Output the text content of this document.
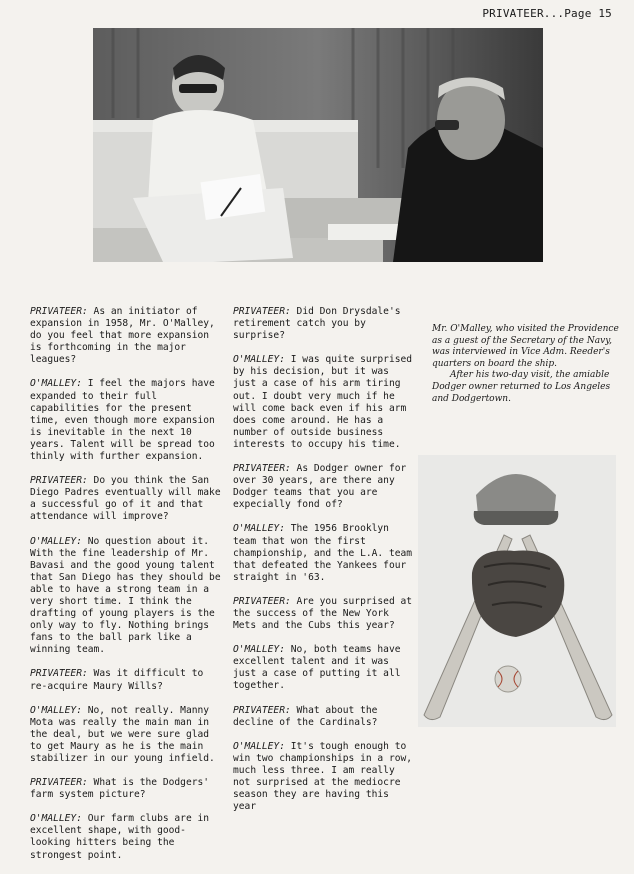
PRIVATEER...Page 15

PRIVATEER: As an initiator of expansion in 1958, Mr. O'Malley, do you feel that more expansion is forthcoming in the major leagues?

O'MALLEY: I feel the majors have expanded to their full capabilities for the present time, even though more expansion is inevitable in the next 10 years. Talent will be spread too thinly with further expansion.

PRIVATEER: Do you think the San Diego Padres eventually will make a successful go of it and that attendance will improve?

O'MALLEY: No question about it. With the fine leadership of Mr. Bavasi and the good young talent that San Diego has they should be able to have a strong team in a very short time. I think the drafting of young players is the only way to fly. Nothing brings fans to the ball park like a winning team.

PRIVATEER: Was it difficult to re-acquire Maury Wills?

O'MALLEY: No, not really. Manny Mota was really the main man in the deal, but we were sure glad to get Maury as he is the main stabilizer in our young infield.

PRIVATEER: What is the Dodgers' farm system picture?

O'MALLEY: Our farm clubs are in excellent shape, with good-looking hitters being the strongest point.

PRIVATEER: Did Don Drysdale's retirement catch you by surprise?

O'MALLEY: I was quite surprised by his decision, but it was just a case of his arm tiring out. I doubt very much if he will come back even if his arm does come around. He has a number of outside business interests to occupy his time.

PRIVATEER: As Dodger owner for over 30 years, are there any Dodger teams that you are expecially fond of?

O'MALLEY: The 1956 Brooklyn team that won the first championship, and the L.A. team that defeated the Yankees four straight in '63.

PRIVATEER: Are you surprised at the success of the New York Mets and the Cubs this year?

O'MALLEY: No, both teams have excellent talent and it was just a case of putting it all together.

PRIVATEER: What about the decline of the Cardinals?

O'MALLEY: It's tough enough to win two championships in a row, much less three. I am really not surprised at the mediocre season they are having this year

Mr. O'Malley, who visited the Providence as a guest of the Secretary of the Navy, was interviewed in Vice Adm. Reeder's quarters on board the ship.
After his two-day visit, the amiable Dodger owner returned to Los Angeles and Dodgertown.
